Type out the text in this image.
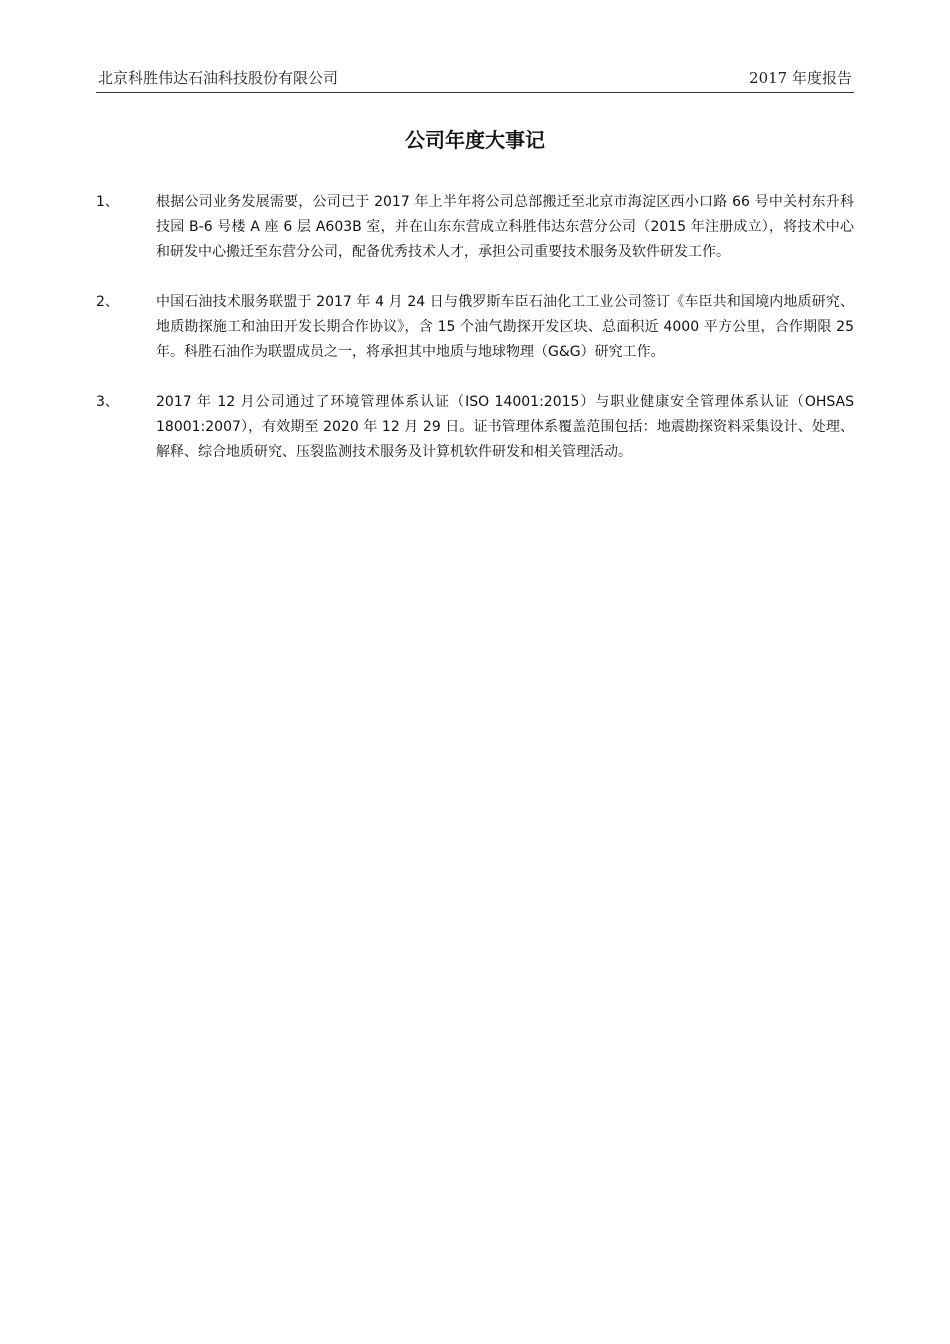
北京科胜伟达石油科技股份有限公司	2017 年度报告
公司年度大事记
1、	根据公司业务发展需要，公司已于 2017 年上半年将公司总部搬迁至北京市海淀区西小口路 66 号中关村东升科技园 B-6 号楼 A 座 6 层 A603B 室，并在山东东营成立科胜伟达东营分公司（2015 年注册成立），将技术中心和研发中心搬迁至东营分公司，配备优秀技术人才，承担公司重要技术服务及软件研发工作。
2、	中国石油技术服务联盟于 2017 年 4 月 24 日与俄罗斯车臣石油化工工业公司签订《车臣共和国境内地质研究、地质勘探施工和油田开发长期合作协议》，含 15 个油气勘探开发区块、总面积近 4000 平方公里，合作期限 25 年。科胜石油作为联盟成员之一，将承担其中地质与地球物理（G&G）研究工作。
3、	2017 年 12 月公司通过了环境管理体系认证（ISO 14001:2015）与职业健康安全管理体系认证（OHSAS 18001:2007），有效期至 2020 年 12 月 29 日。证书管理体系覆盖范围包括：地震勘探资料采集设计、处理、解释、综合地质研究、压裂监测技术服务及计算机软件研发和相关管理活动。
